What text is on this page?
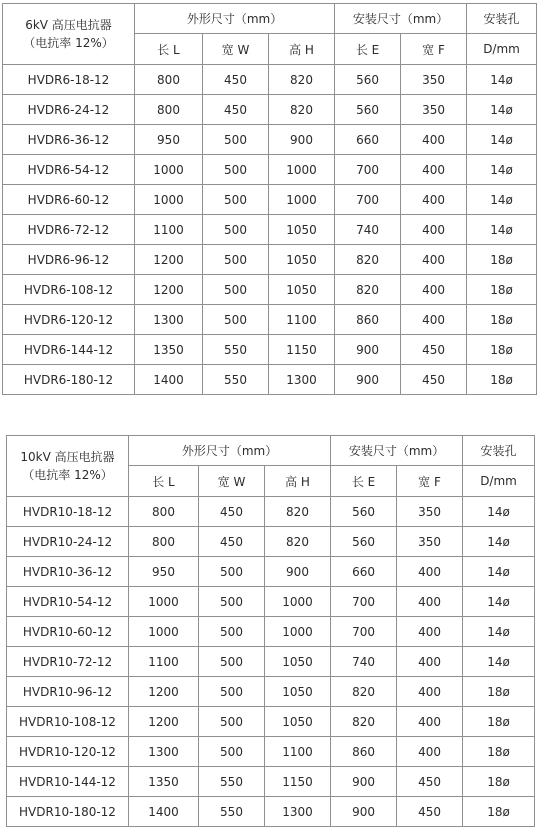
6kV 高压电抗器
（电抗率 12%）	外形尺寸（mm）			安装尺寸（mm）		安装孔
	长 L	宽 W	高 H	长 E	宽 F	D/mm
HVDR6-18-12	800	450	820	560	350	14ø
HVDR6-24-12	800	450	820	560	350	14ø
HVDR6-36-12	950	500	900	660	400	14ø
HVDR6-54-12	1000	500	1000	700	400	14ø
HVDR6-60-12	1000	500	1000	700	400	14ø
HVDR6-72-12	1100	500	1050	740	400	14ø
HVDR6-96-12	1200	500	1050	820	400	18ø
HVDR6-108-12	1200	500	1050	820	400	18ø
HVDR6-120-12	1300	500	1100	860	400	18ø
HVDR6-144-12	1350	550	1150	900	450	18ø
HVDR6-180-12	1400	550	1300	900	450	18ø
10kV 高压电抗器
（电抗率 12%）	外形尺寸（mm）			安装尺寸（mm）		安装孔
	长 L	宽 W	高 H	长 E	宽 F	D/mm
HVDR10-18-12	800	450	820	560	350	14ø
HVDR10-24-12	800	450	820	560	350	14ø
HVDR10-36-12	950	500	900	660	400	14ø
HVDR10-54-12	1000	500	1000	700	400	14ø
HVDR10-60-12	1000	500	1000	700	400	14ø
HVDR10-72-12	1100	500	1050	740	400	14ø
HVDR10-96-12	1200	500	1050	820	400	18ø
HVDR10-108-12	1200	500	1050	820	400	18ø
HVDR10-120-12	1300	500	1100	860	400	18ø
HVDR10-144-12	1350	550	1150	900	450	18ø
HVDR10-180-12	1400	550	1300	900	450	18ø
